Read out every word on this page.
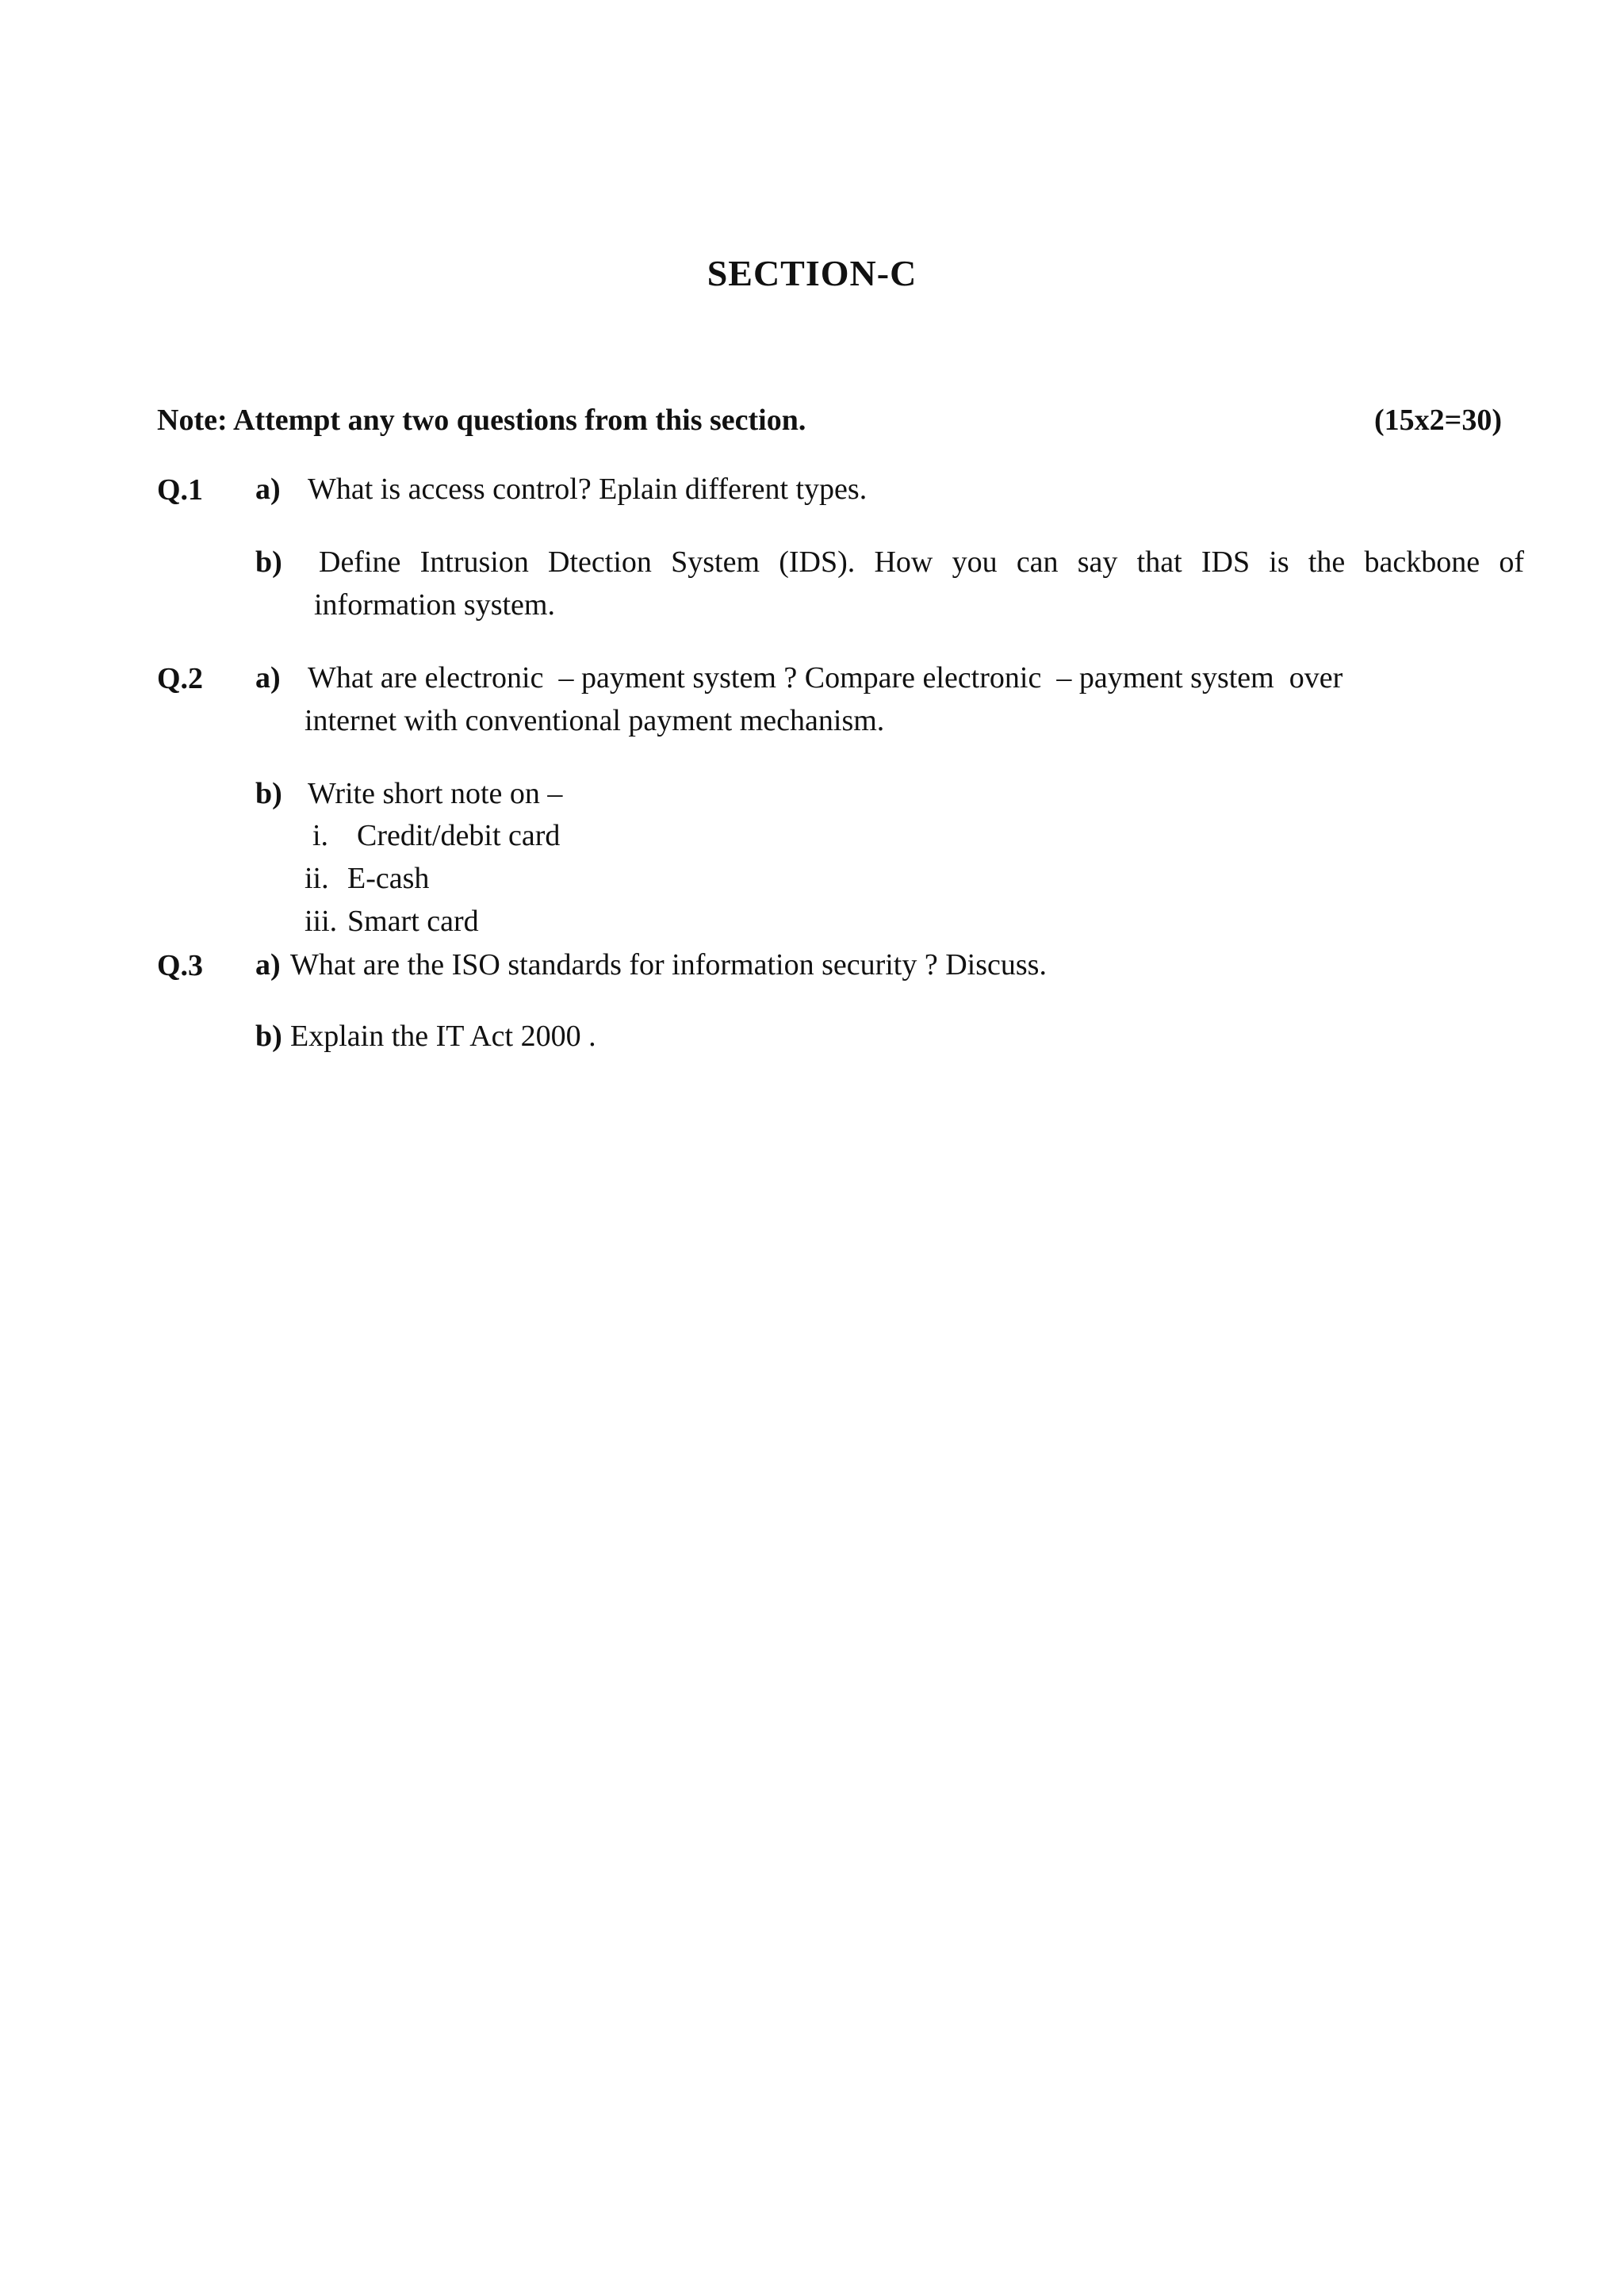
SECTION-C
Note: Attempt any two questions from this section.	(15x2=30)
Q.1 a) What is access control? Eplain different types.
b)	Define Intrusion Dtection System (IDS). How you can say that IDS is the backbone of
information system.
Q.2 a) What are electronic  – payment system ? Compare electronic  – payment system  over
internet with conventional payment mechanism.
b) Write short note on –
i. Credit/debit card
ii. E-cash
iii. Smart card
Q.3 a) What are the ISO standards for information security ? Discuss.
b) Explain the IT Act 2000 .
